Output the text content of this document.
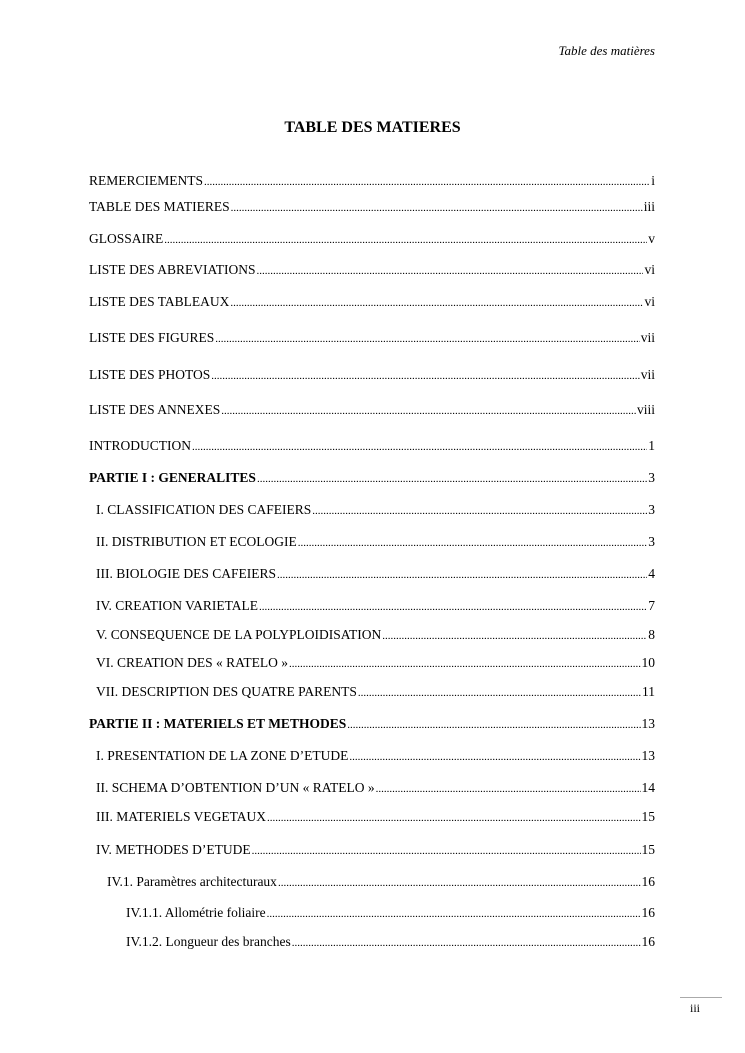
Table des matières
TABLE DES MATIERES
REMERCIEMENTS .....	i
TABLE DES MATIERES .....	iii
GLOSSAIRE .....	v
LISTE DES ABREVIATIONS .....	vi
LISTE DES TABLEAUX .....	vi
LISTE DES FIGURES .....	vii
LISTE DES PHOTOS .....	vii
LISTE DES ANNEXES .....	viii
INTRODUCTION .....	1
PARTIE I : GENERALITES .....	3
I. CLASSIFICATION DES CAFEIERS .....	3
II. DISTRIBUTION ET ECOLOGIE .....	3
III. BIOLOGIE DES CAFEIERS .....	4
IV. CREATION VARIETALE .....	7
V. CONSEQUENCE DE LA POLYPLOIDISATION .....	8
VI. CREATION DES « RATELO » .....	10
VII. DESCRIPTION DES QUATRE PARENTS .....	11
PARTIE II : MATERIELS ET METHODES .....	13
I. PRESENTATION DE LA ZONE D’ETUDE .....	13
II. SCHEMA D’OBTENTION D’UN « RATELO » .....	14
III. MATERIELS VEGETAUX .....	15
IV. METHODES D’ETUDE .....	15
IV.1. Paramètres architecturaux .....	16
IV.1.1. Allométrie foliaire .....	16
IV.1.2. Longueur des branches .....	16
iii
